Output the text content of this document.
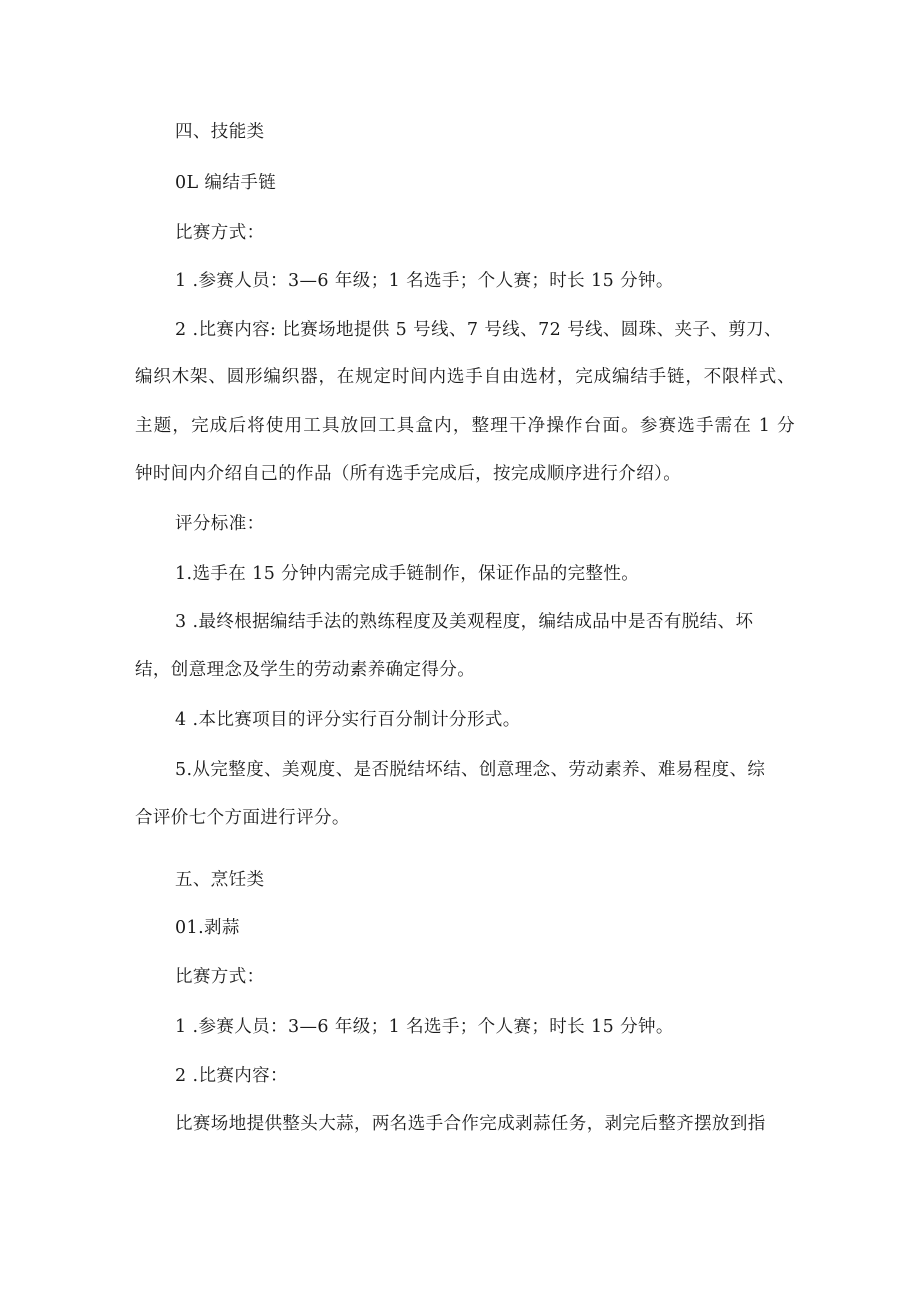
四、技能类
0L 编结手链
比赛方式：
1 .参赛人员：3—6 年级；1 名选手；个人赛；时长 15 分钟。
2 .比赛内容: 比赛场地提供 5 号线、7 号线、72 号线、圆珠、夹子、剪刀、
编织木架、圆形编织器，在规定时间内选手自由选材，完成编结手链，不限样式、
主题，完成后将使用工具放回工具盒内，整理干净操作台面。参赛选手需在 1 分
钟时间内介绍自己的作品（所有选手完成后，按完成顺序进行介绍）。
评分标准：
1.选手在 15 分钟内需完成手链制作，保证作品的完整性。
3 .最终根据编结手法的熟练程度及美观程度，编结成品中是否有脱结、坏
结，创意理念及学生的劳动素养确定得分。
4 .本比赛项目的评分实行百分制计分形式。
5.从完整度、美观度、是否脱结坏结、创意理念、劳动素养、难易程度、综
合评价七个方面进行评分。
五、烹饪类
01.剥蒜
比赛方式：
1 .参赛人员：3—6 年级；1 名选手；个人赛；时长 15 分钟。
2 .比赛内容：
比赛场地提供整头大蒜，两名选手合作完成剥蒜任务，剥完后整齐摆放到指
